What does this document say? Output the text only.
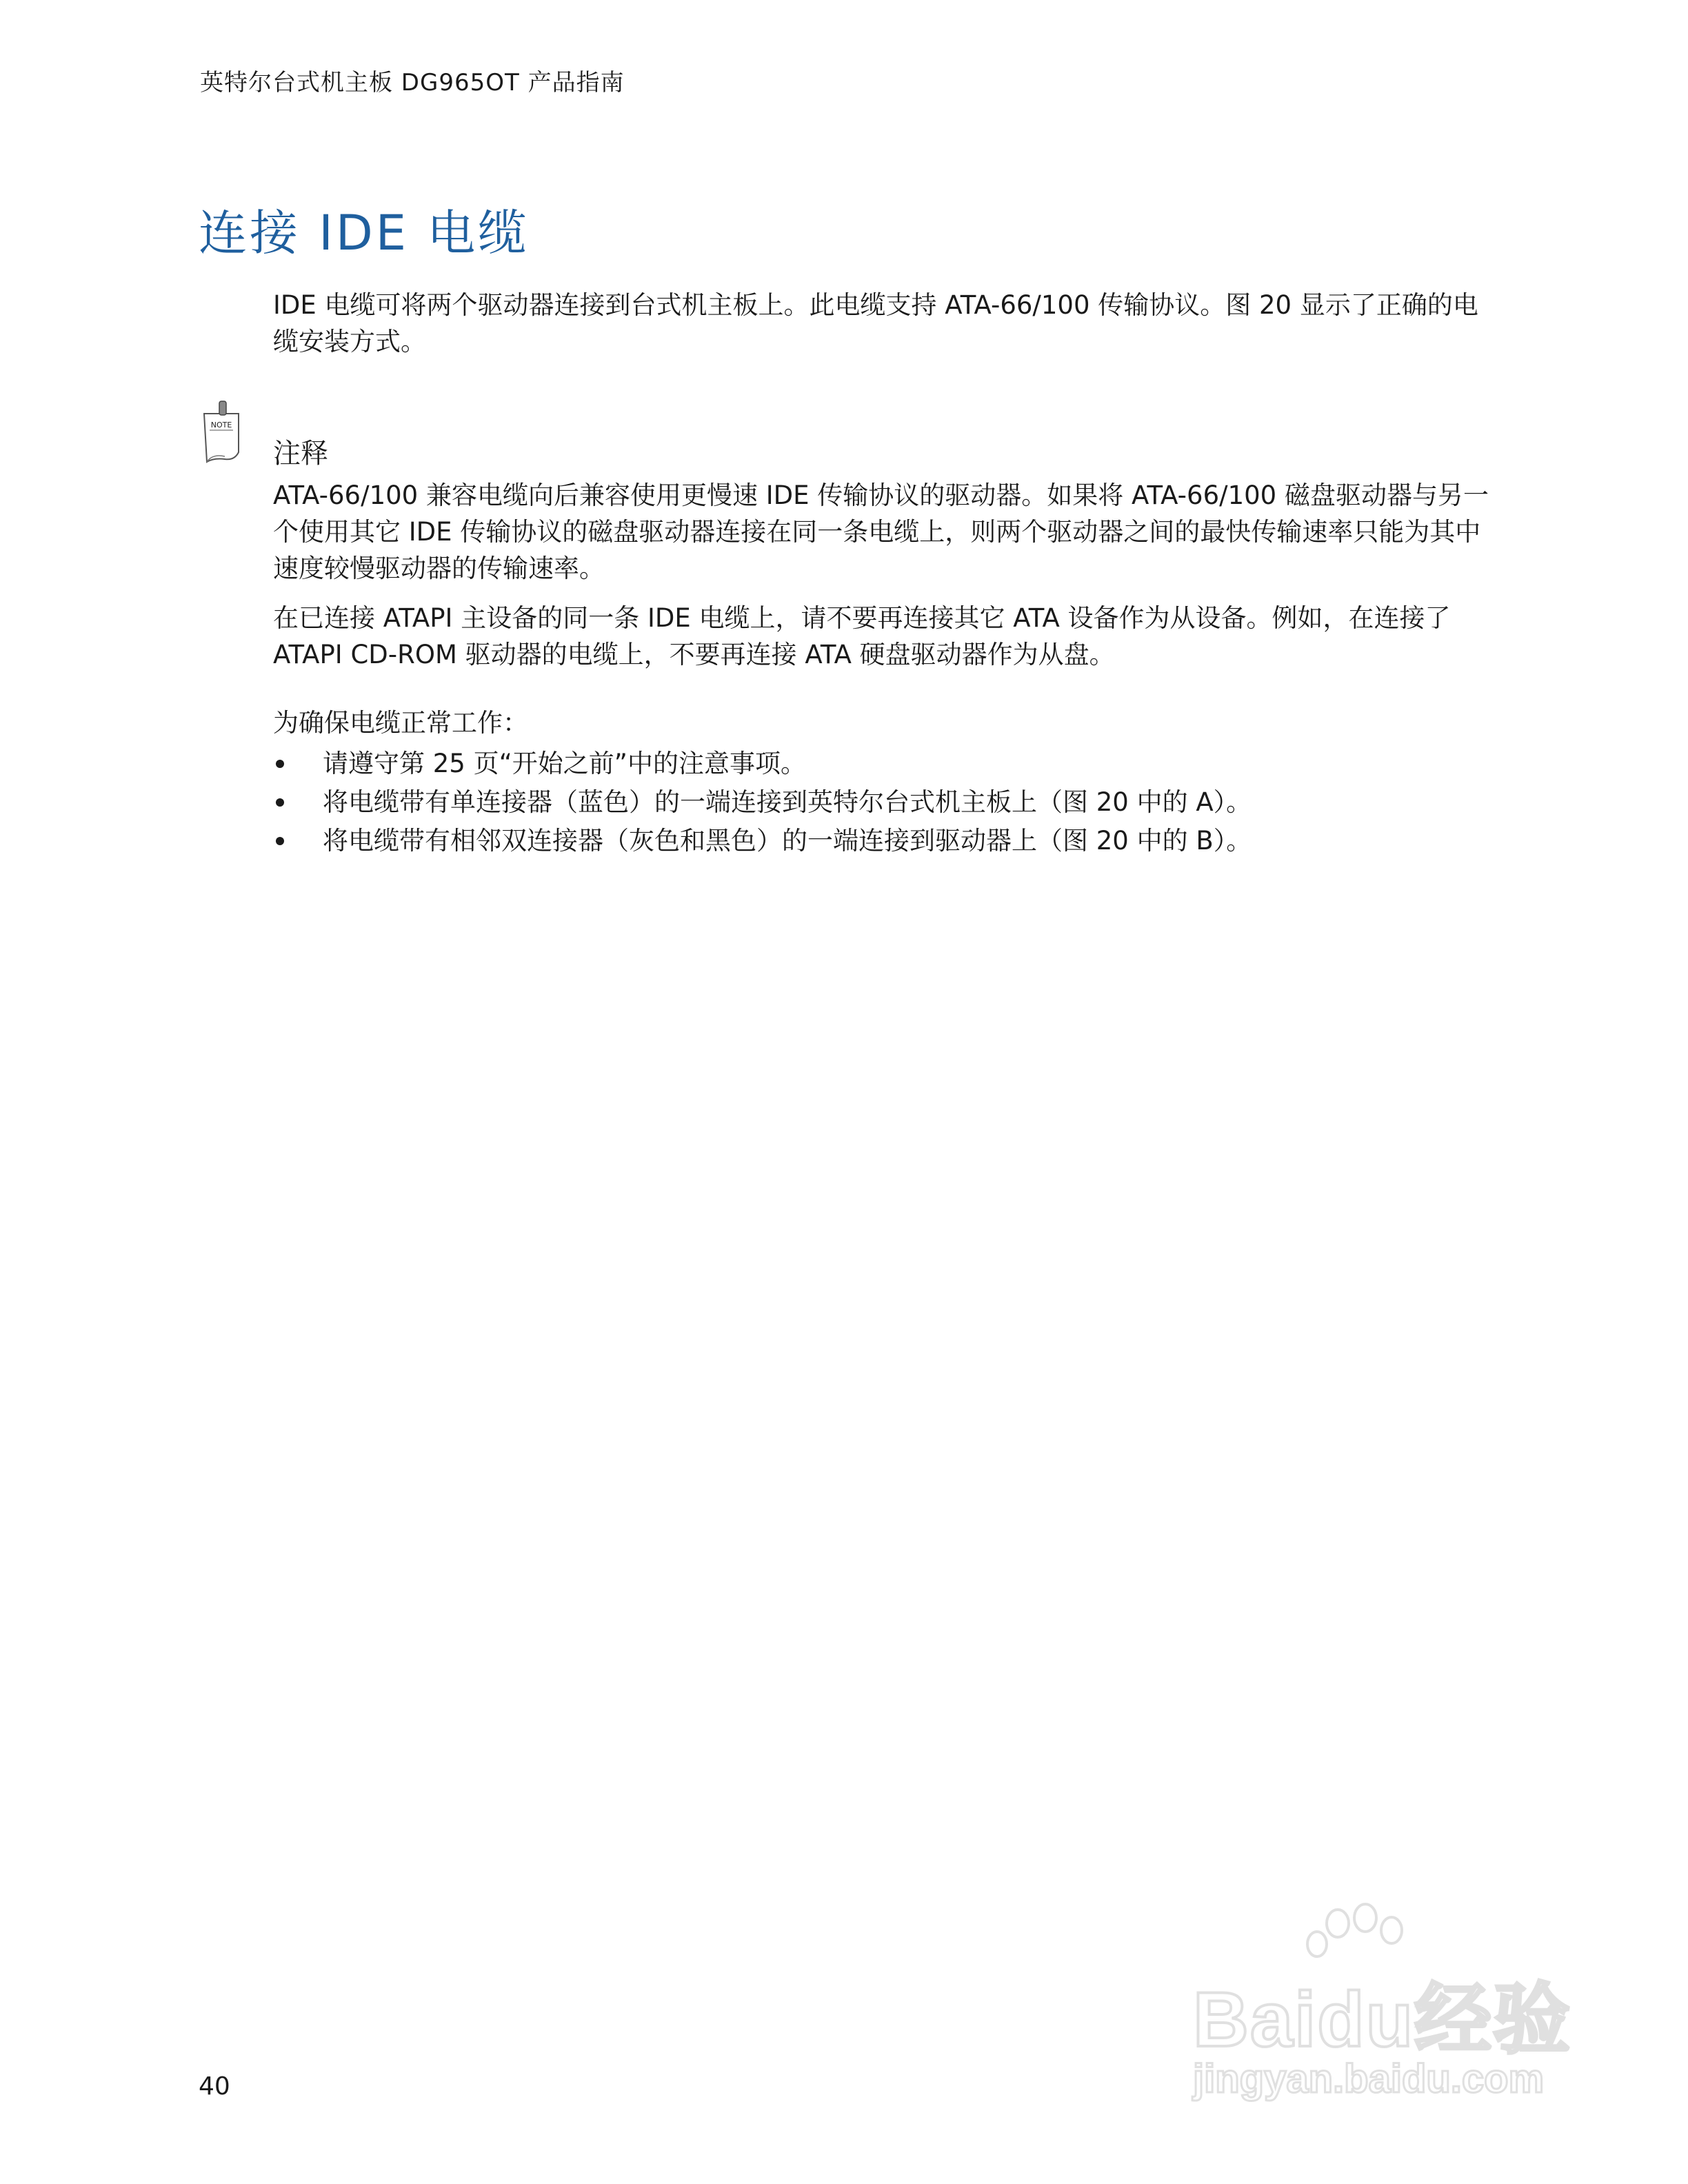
英特尔台式机主板 DG965OT 产品指南
连接 IDE 电缆
IDE 电缆可将两个驱动器连接到台式机主板上。此电缆支持 ATA-66/100 传输协议。图 20 显示了正确的电缆安装方式。
NOTE
注释
ATA-66/100 兼容电缆向后兼容使用更慢速 IDE 传输协议的驱动器。如果将 ATA-66/100 磁盘驱动器与另一个使用其它 IDE 传输协议的磁盘驱动器连接在同一条电缆上，则两个驱动器之间的最快传输速率只能为其中速度较慢驱动器的传输速率。
在已连接 ATAPI 主设备的同一条 IDE 电缆上，请不要再连接其它 ATA 设备作为从设备。例如，在连接了 ATAPI CD-ROM 驱动器的电缆上，不要再连接 ATA 硬盘驱动器作为从盘。
为确保电缆正常工作：
请遵守第 25 页“开始之前”中的注意事项。
将电缆带有单连接器（蓝色）的一端连接到英特尔台式机主板上（图 20 中的 A）。
将电缆带有相邻双连接器（灰色和黑色）的一端连接到驱动器上（图 20 中的 B）。
Baidu经验
jingyan.baidu.com
40
